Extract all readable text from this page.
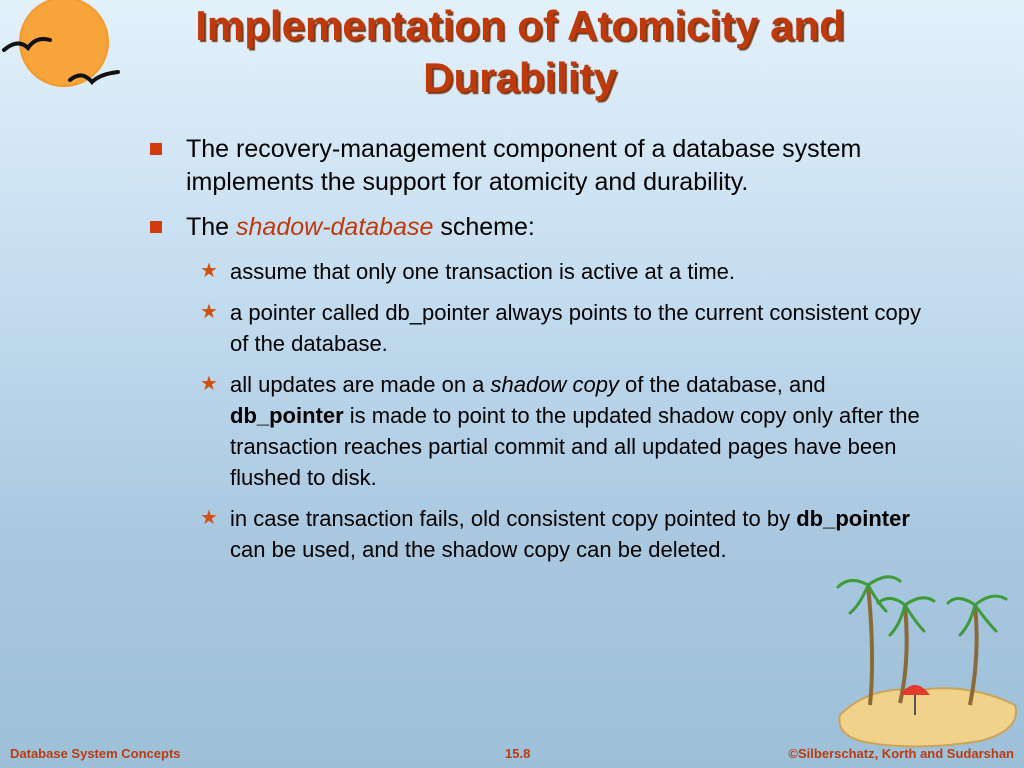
Implementation of Atomicity and Durability
The recovery-management component of a database system implements the support for atomicity and durability.
The shadow-database scheme:
★ assume that only one transaction is active at a time.
★ a pointer called db_pointer always points to the current consistent copy of the database.
★ all updates are made on a shadow copy of the database, and db_pointer is made to point to the updated shadow copy only after the transaction reaches partial commit and all updated pages have been flushed to disk.
★ in case transaction fails, old consistent copy pointed to by db_pointer can be used, and the shadow copy can be deleted.
Database System Concepts	15.8	©Silberschatz, Korth and Sudarshan
